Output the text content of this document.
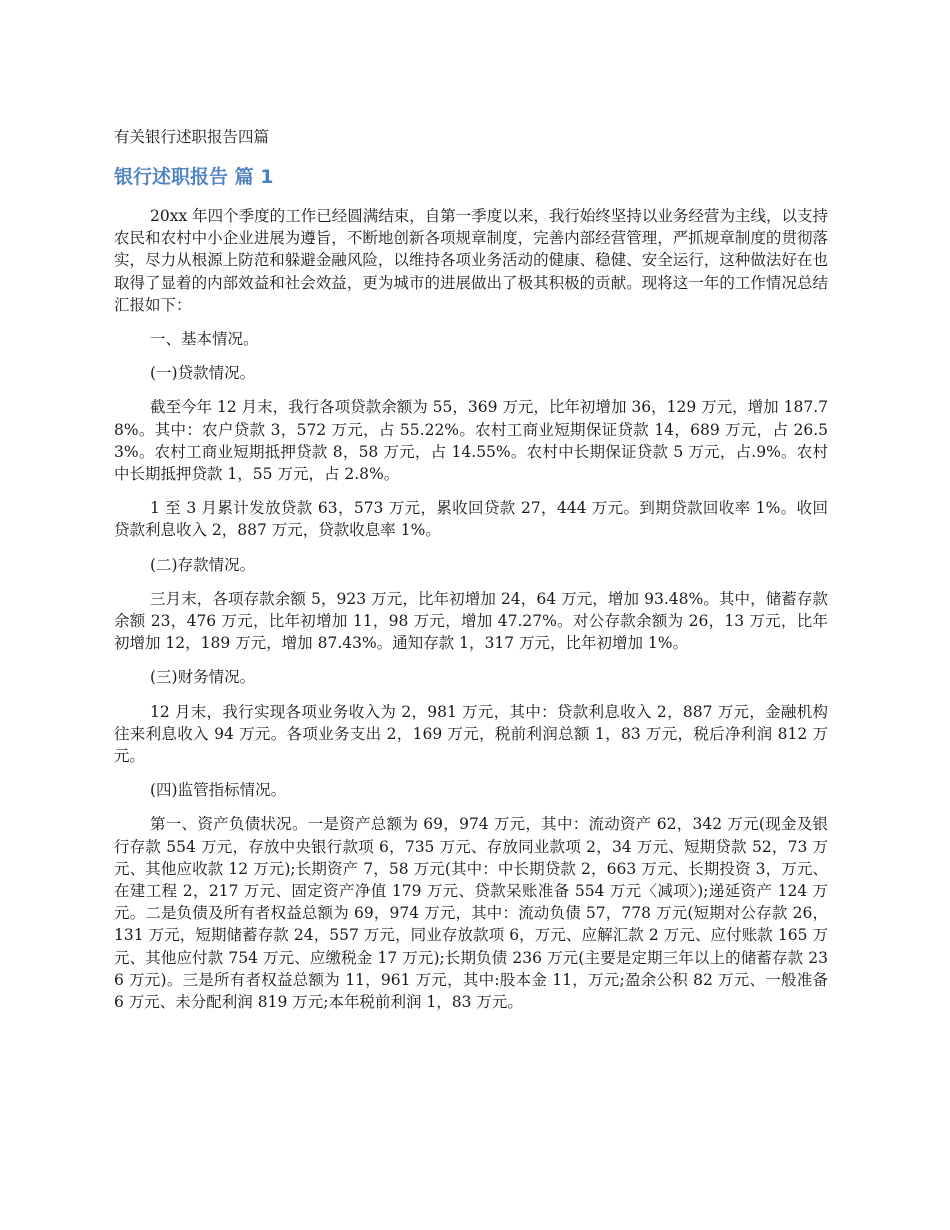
有关银行述职报告四篇
银行述职报告 篇 1

20xx 年四个季度的工作已经圆满结束，自第一季度以来，我行始终坚持以业务经营为主线，以支持农民和农村中小企业进展为遵旨，不断地创新各项规章制度，完善内部经营管理，严抓规章制度的贯彻落实，尽力从根源上防范和躲避金融风险，以维持各项业务活动的健康、稳健、安全运行，这种做法好在也取得了显着的内部效益和社会效益，更为城市的进展做出了极其积极的贡献。现将这一年的工作情况总结汇报如下：

一、基本情况。

(一)贷款情况。

截至今年 12 月末，我行各项贷款余额为 55，369 万元，比年初增加 36，129 万元，增加 187.78%。其中：农户贷款 3，572 万元，占 55.22%。农村工商业短期保证贷款 14，689 万元，占 26.53%。农村工商业短期抵押贷款 8，58 万元，占 14.55%。农村中长期保证贷款 5 万元，占.9%。农村中长期抵押贷款 1，55 万元，占 2.8%。

1 至 3 月累计发放贷款 63，573 万元，累收回贷款 27，444 万元。到期贷款回收率 1%。收回贷款利息收入 2，887 万元，贷款收息率 1%。

(二)存款情况。

三月末，各项存款余额 5，923 万元，比年初增加 24，64 万元，增加 93.48%。其中，储蓄存款余额 23，476 万元，比年初增加 11，98 万元，增加 47.27%。对公存款余额为 26，13 万元，比年初增加 12，189 万元，增加 87.43%。通知存款 1，317 万元，比年初增加 1%。

(三)财务情况。

12 月末，我行实现各项业务收入为 2，981 万元，其中：贷款利息收入 2，887 万元，金融机构往来利息收入 94 万元。各项业务支出 2，169 万元，税前利润总额 1，83 万元，税后净利润 812 万元。

(四)监管指标情况。

第一、资产负债状况。一是资产总额为 69，974 万元，其中：流动资产 62，342 万元(现金及银行存款 554 万元，存放中央银行款项 6，735 万元、存放同业款项 2，34 万元、短期贷款 52，73 万元、其他应收款 12 万元);长期资产 7，58 万元(其中：中长期贷款 2，663 万元、长期投资 3，万元、在建工程 2，217 万元、固定资产净值 179 万元、贷款呆账准备 554 万元〈减项〉);递延资产 124 万元。二是负债及所有者权益总额为 69，974 万元，其中：流动负债 57，778 万元(短期对公存款 26，131 万元，短期储蓄存款 24，557 万元，同业存放款项 6，万元、应解汇款 2 万元、应付账款 165 万元、其他应付款 754 万元、应缴税金 17 万元);长期负债 236 万元(主要是定期三年以上的储蓄存款 236 万元)。三是所有者权益总额为 11，961 万元，其中:股本金 11，万元;盈余公积 82 万元、一般准备 6 万元、未分配利润 819 万元;本年税前利润 1，83 万元。
